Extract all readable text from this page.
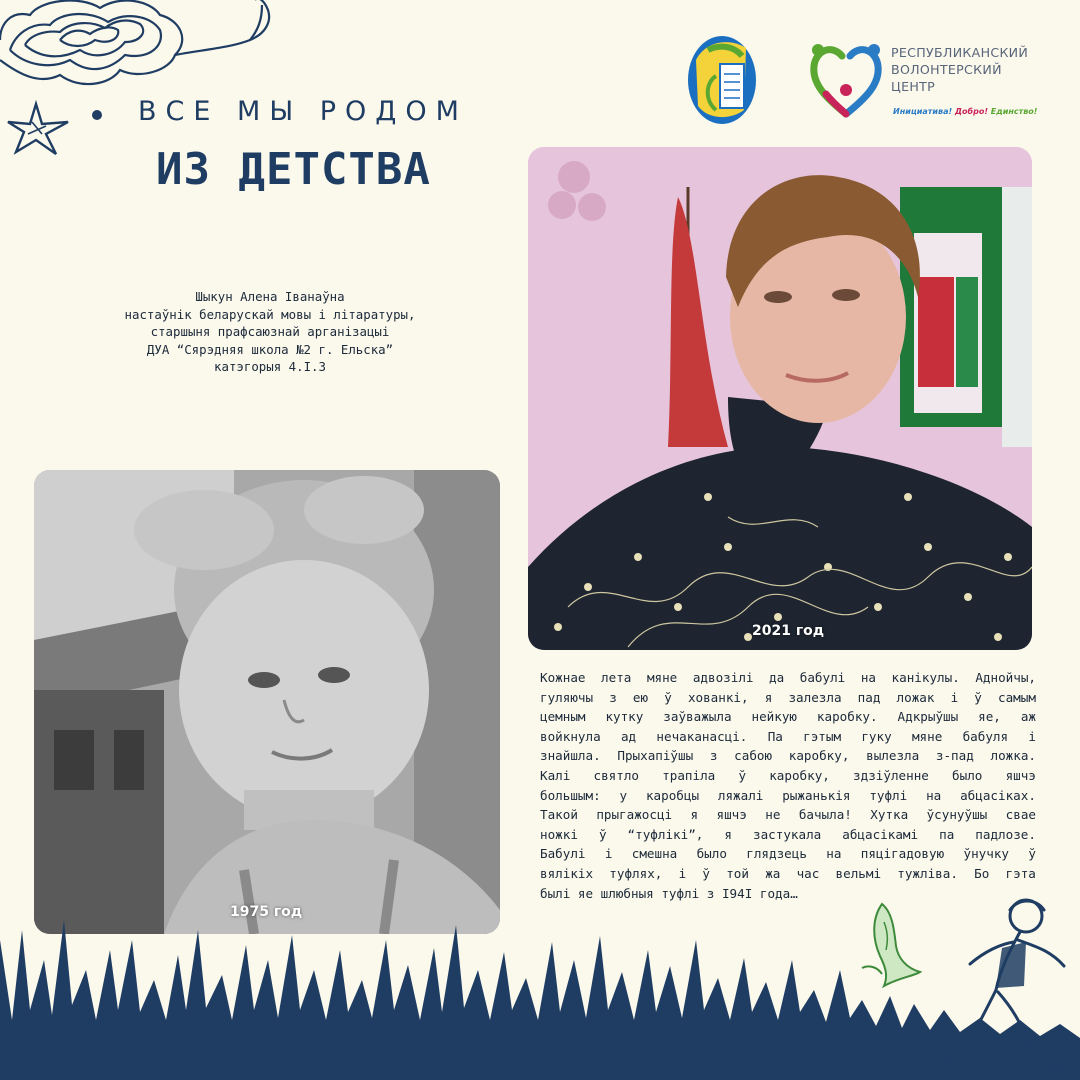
ВСЕ МЫ РОДОМ
ИЗ ДЕТСТВА
РЕСПУБЛИКАНСКИЙ
ВОЛОНТЕРСКИЙ
ЦЕНТР
Инициатива! Добро! Единство!
Шыкун Алена Іванаўна
настаўнік беларускай мовы і літаратуры,
старшыня прафсаюзнай арганізацыі
ДУА “Сярэдняя школа №2 г. Ельска”
катэгорыя 4.І.3
1975 год
2021 год
Кожнае лета мяне адвозілі да бабулі на канікулы. Аднойчы,
гуляючы з ею ў хованкі, я залезла пад ложак і ў самым
цемным кутку заўважыла нейкую каробку. Адкрыўшы яе, аж
войкнула ад нечаканасці. Па гэтым гуку мяне бабуля і
знайшла. Прыхапіўшы з сабою каробку, вылезла з-пад ложка.
Калі святло трапіла ў каробку, здзіўленне было яшчэ
большым: у каробцы ляжалі рыжанькія туфлі на абцасіках.
Такой прыгажосці я яшчэ не бачыла! Хутка ўсунуўшы свае
ножкі ў “туфлікі”, я застукала абцасікамі па падлозе.
Бабулі і смешна было глядзець на пяцігадовую ўнучку ў
вялікіх туфлях, і ў той жа час вельмі тужліва. Бо гэта
былі яе шлюбныя туфлі з І94І года…
